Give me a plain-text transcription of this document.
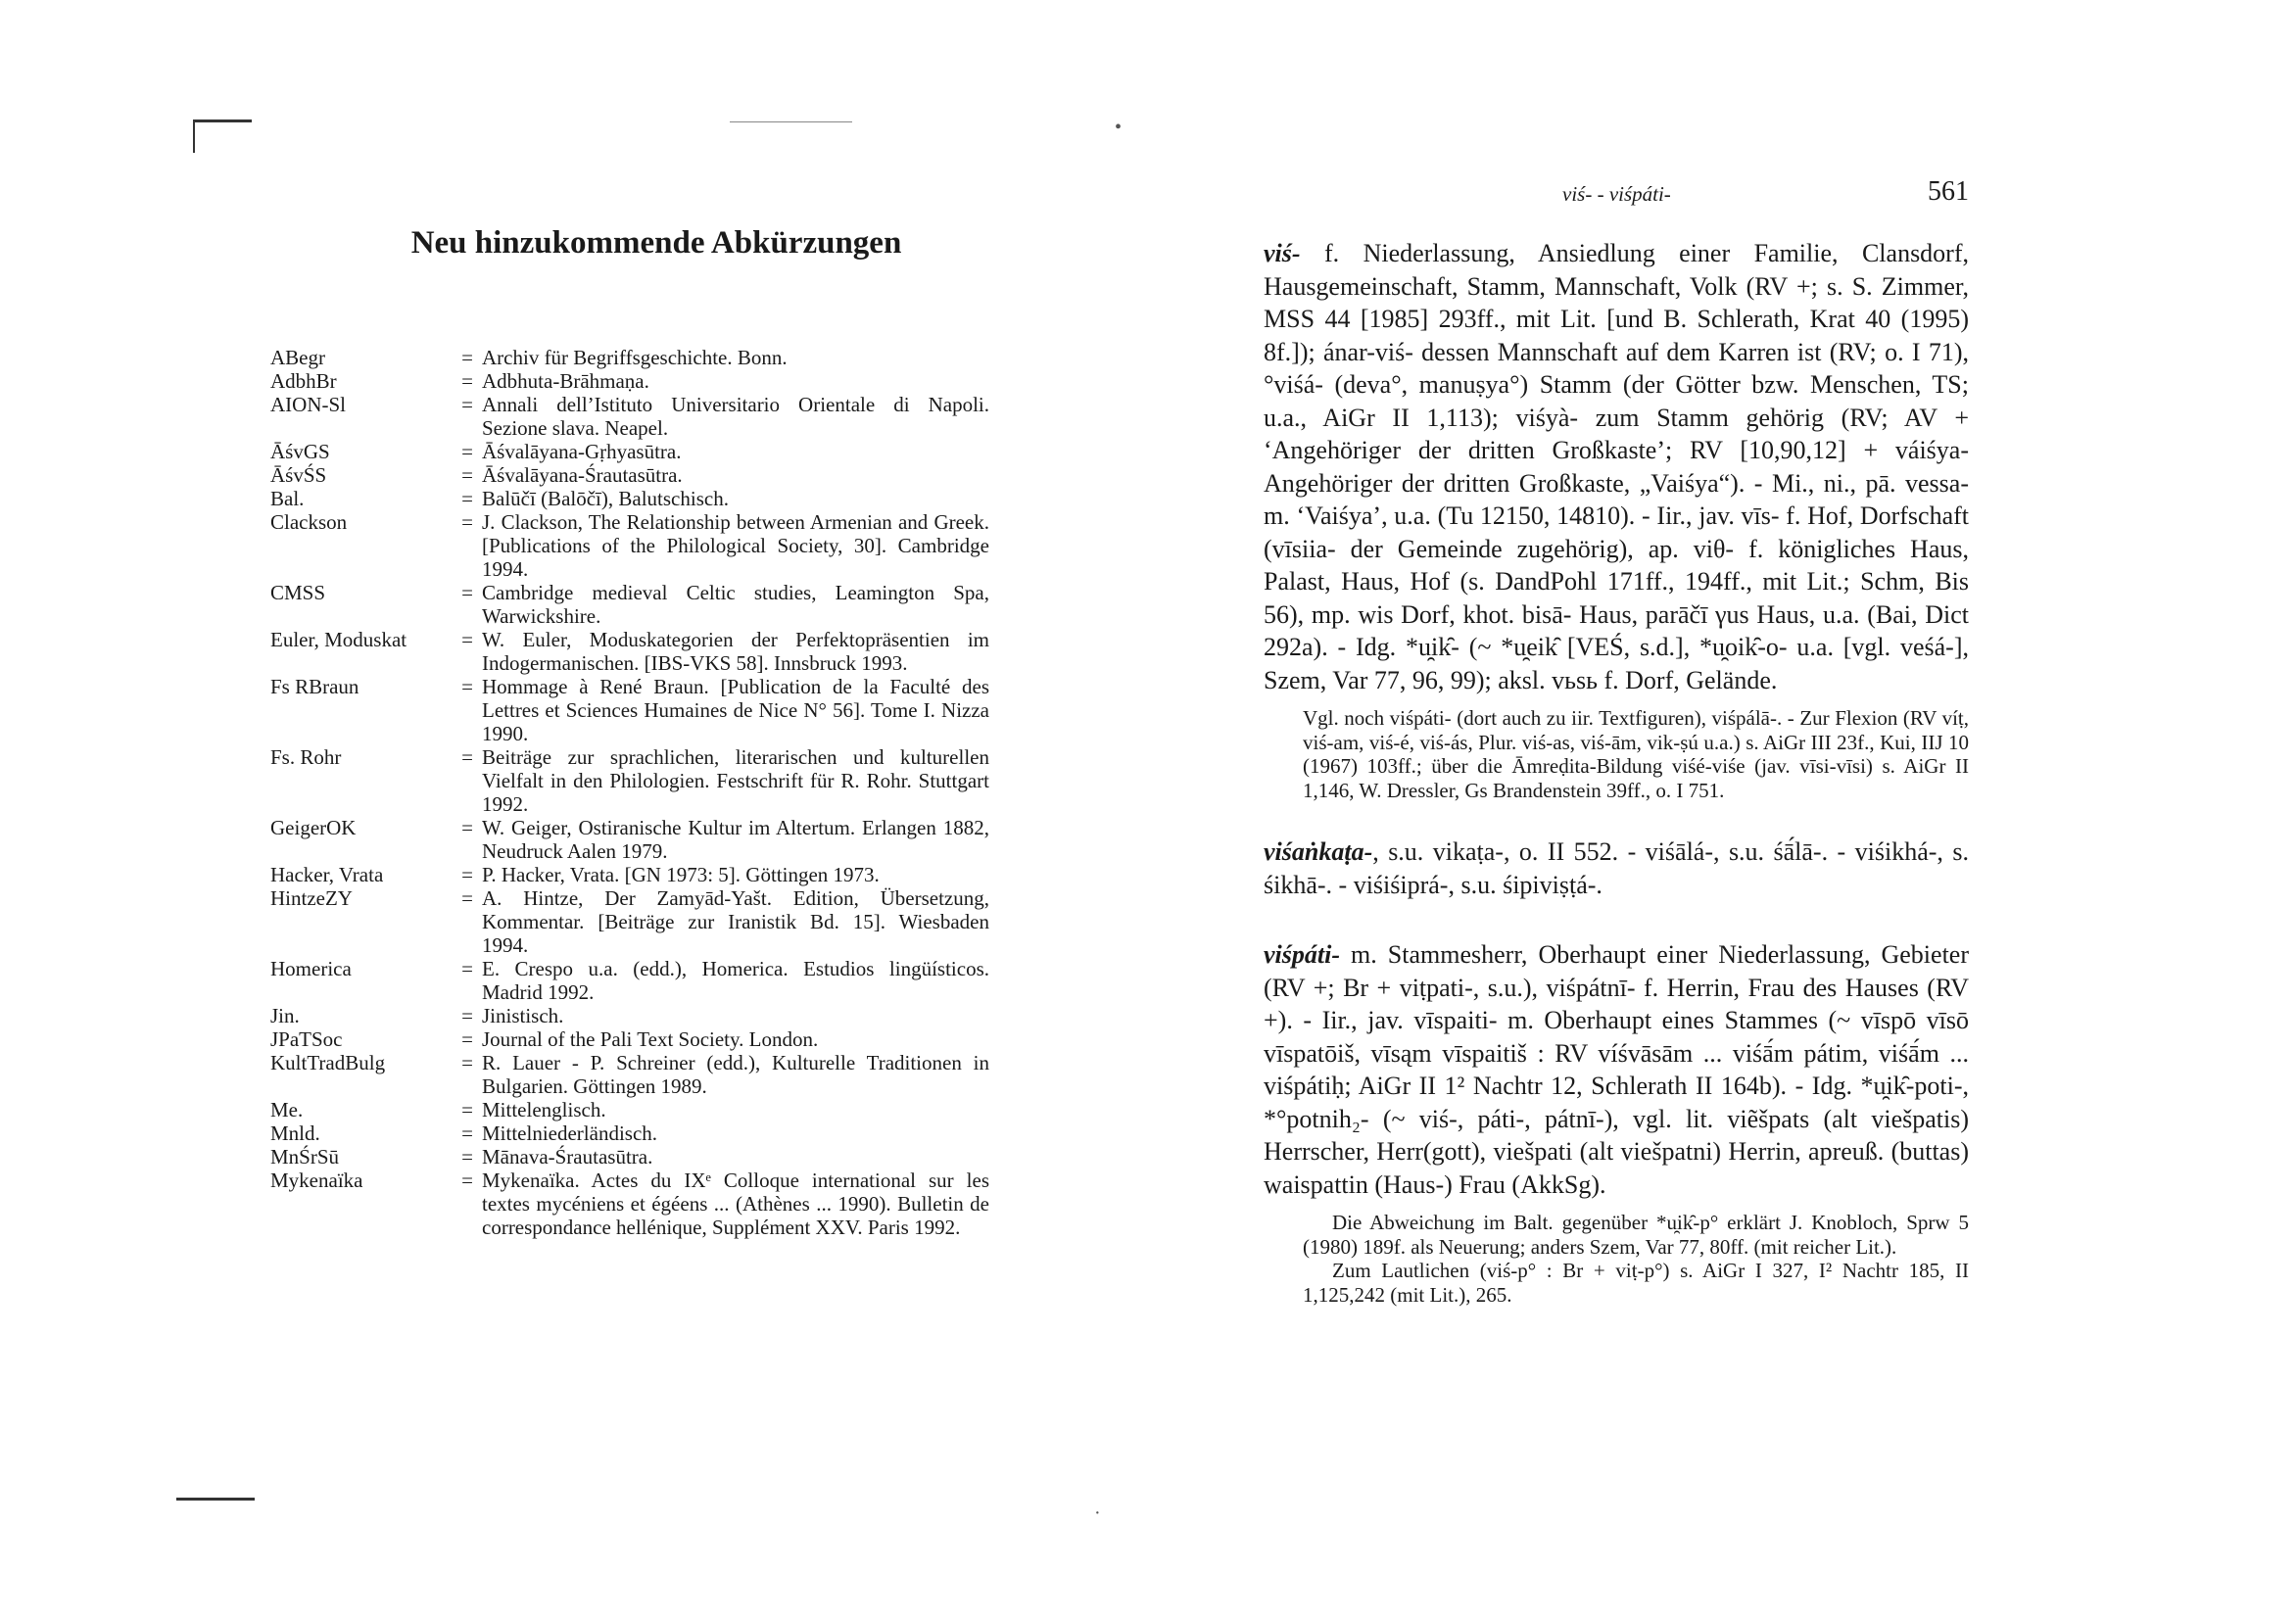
•
·
Neu hinzukommende Abkürzungen
ABegr	=	Archiv für Begriffsgeschichte. Bonn.
AdbhBr	=	Adbhuta-Brāhmaṇa.
AION-Sl	=	Annali dell’Istituto Universitario Orientale di Napoli. Sezione slava. Neapel.
ĀśvGS	=	Āśvalāyana-Gṛhyasūtra.
ĀśvŚS	=	Āśvalāyana-Śrautasūtra.
Bal.	=	Balūčī (Balōčī), Balutschisch.
Clackson	=	J. Clackson, The Relationship between Armenian and Greek. [Publications of the Philological Society, 30]. Cambridge 1994.
CMSS	=	Cambridge medieval Celtic studies, Leamington Spa, Warwickshire.
Euler, Moduskat	=	W. Euler, Moduskategorien der Perfektopräsentien im Indogermanischen. [IBS-VKS 58]. Innsbruck 1993.
Fs RBraun	=	Hommage à René Braun. [Publication de la Faculté des Lettres et Sciences Humaines de Nice N° 56]. Tome I. Nizza 1990.
Fs. Rohr	=	Beiträge zur sprachlichen, literarischen und kulturellen Vielfalt in den Philologien. Festschrift für R. Rohr. Stuttgart 1992.
GeigerOK	=	W. Geiger, Ostiranische Kultur im Altertum. Erlangen 1882, Neudruck Aalen 1979.
Hacker, Vrata	=	P. Hacker, Vrata. [GN 1973: 5]. Göttingen 1973.
HintzeZY	=	A. Hintze, Der Zamyād-Yašt. Edition, Übersetzung, Kommentar. [Beiträge zur Iranistik Bd. 15]. Wiesbaden 1994.
Homerica	=	E. Crespo u.a. (edd.), Homerica. Estudios lingüísticos. Madrid 1992.
Jin.	=	Jinistisch.
JPaTSoc	=	Journal of the Pali Text Society. London.
KultTradBulg	=	R. Lauer - P. Schreiner (edd.), Kulturelle Traditionen in Bulgarien. Göttingen 1989.
Me.	=	Mittelenglisch.
Mnld.	=	Mittelniederländisch.
MnŚrSū	=	Mānava-Śrautasūtra.
Mykenaïka	=	Mykenaïka. Actes du IXᵉ Colloque international sur les textes mycéniens et égéens ... (Athènes ... 1990). Bulletin de correspondance hellénique, Supplément XXV. Paris 1992.
viś- - viśpáti-	561

viś- f. Niederlassung, Ansiedlung einer Familie, Clansdorf, Hausgemeinschaft, Stamm, Mannschaft, Volk (RV +; s. S. Zimmer, MSS 44 [1985] 293ff., mit Lit. [und B. Schlerath, Krat 40 (1995) 8f.]); ánar-viś- dessen Mannschaft auf dem Karren ist (RV; o. I 71), °viśá- (deva°, manuṣya°) Stamm (der Götter bzw. Menschen, TS; u.a., AiGr II 1,113); viśyà- zum Stamm gehörig (RV; AV + ‘Angehöriger der dritten Großkaste’; RV [10,90,12] + váiśya- Angehöriger der dritten Großkaste, „Vaiśya“). - Mi., ni., pā. vessa- m. ‘Vaiśya’, u.a. (Tu 12150, 14810). - Iir., jav. vīs- f. Hof, Dorfschaft (vīsiia- der Gemeinde zugehörig), ap. viθ- f. königliches Haus, Palast, Haus, Hof (s. DandPohl 171ff., 194ff., mit Lit.; Schm, Bis 56), mp. wis Dorf, khot. bisā- Haus, parāčī γus Haus, u.a. (Bai, Dict 292a). - Idg. *u̯ik̑- (~ *u̯eik̑ [VEŚ, s.d.], *u̯oik̑-o- u.a. [vgl. veśá-], Szem, Var 77, 96, 99); aksl. vьsь f. Dorf, Gelände.

Vgl. noch viśpáti- (dort auch zu iir. Textfiguren), viśpálā-. - Zur Flexion (RV víṭ, viś-am, viś-é, viś-ás, Plur. viś-as, viś-ām, vik-ṣú u.a.) s. AiGr III 23f., Kui, IIJ 10 (1967) 103ff.; über die Āmreḍita-Bildung viśé-viśe (jav. vīsi-vīsi) s. AiGr II 1,146, W. Dressler, Gs Brandenstein 39ff., o. I 751.

viśaṅkaṭa-, s.u. vikaṭa-, o. II 552. - viśālá-, s.u. śā́lā-. - viśikhá-, s. śikhā-. - viśiśiprá-, s.u. śipiviṣṭá-.

viśpáti- m. Stammesherr, Oberhaupt einer Niederlassung, Gebieter (RV +; Br + viṭpati-, s.u.), viśpátnī- f. Herrin, Frau des Hauses (RV +). - Iir., jav. vīspaiti- m. Oberhaupt eines Stammes (~ vīspō vīsō vīspatōiš, vīsąm vīspaitiš : RV víśvāsām ... viśā́m pátim, viśā́m ... viśpátiḥ; AiGr II 1² Nachtr 12, Schlerath II 164b). - Idg. *u̯ik̑-poti-, *°potnih₂- (~ viś-, páti-, pátnī-), vgl. lit. viẽšpats (alt viešpatis) Herrscher, Herr(gott), viešpati (alt viešpatni) Herrin, apreuß. (buttas) waispattin (Haus-) Frau (AkkSg).

Die Abweichung im Balt. gegenüber *u̯ik̑-p° erklärt J. Knobloch, Sprw 5 (1980) 189f. als Neuerung; anders Szem, Var 77, 80ff. (mit reicher Lit.).

Zum Lautlichen (viś-p° : Br + viṭ-p°) s. AiGr I 327, I² Nachtr 185, II 1,125,242 (mit Lit.), 265.
